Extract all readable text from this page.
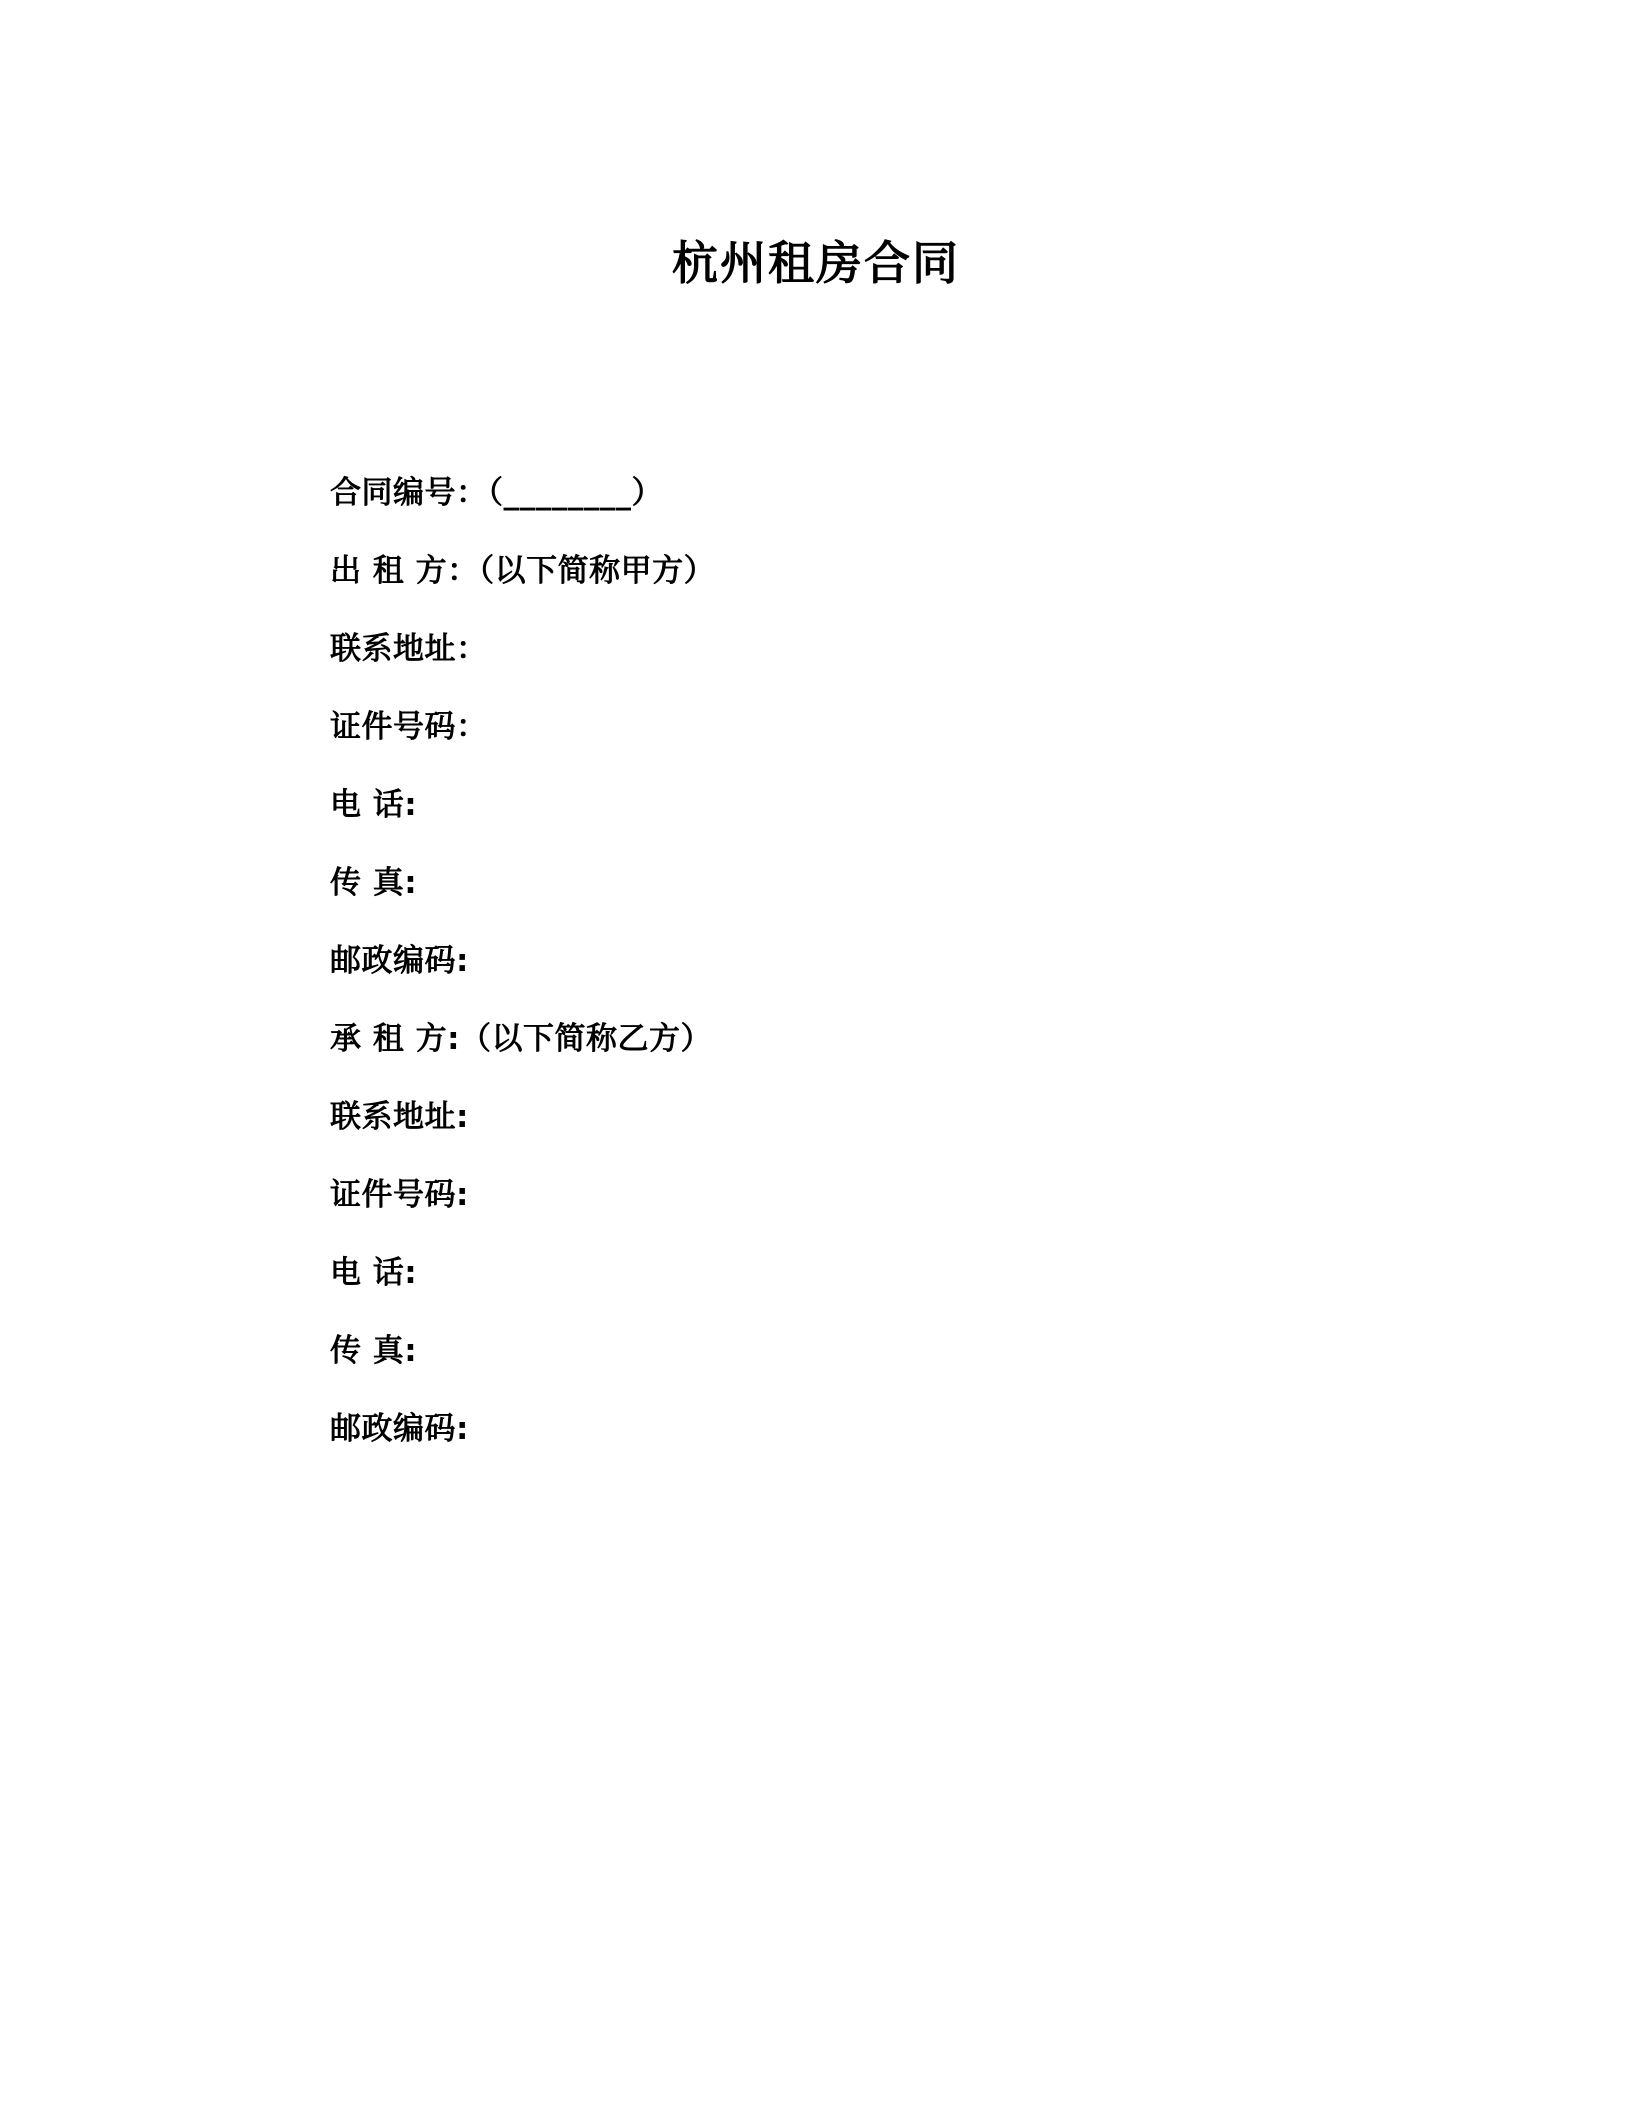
杭州租房合同

合同编号：（________）

出 租 方：（以下简称甲方）

联系地址：

证件号码：

电 话:

传 真:

邮政编码:

承 租 方:（以下简称乙方）

联系地址:

证件号码:

电 话:

传 真:

邮政编码:
